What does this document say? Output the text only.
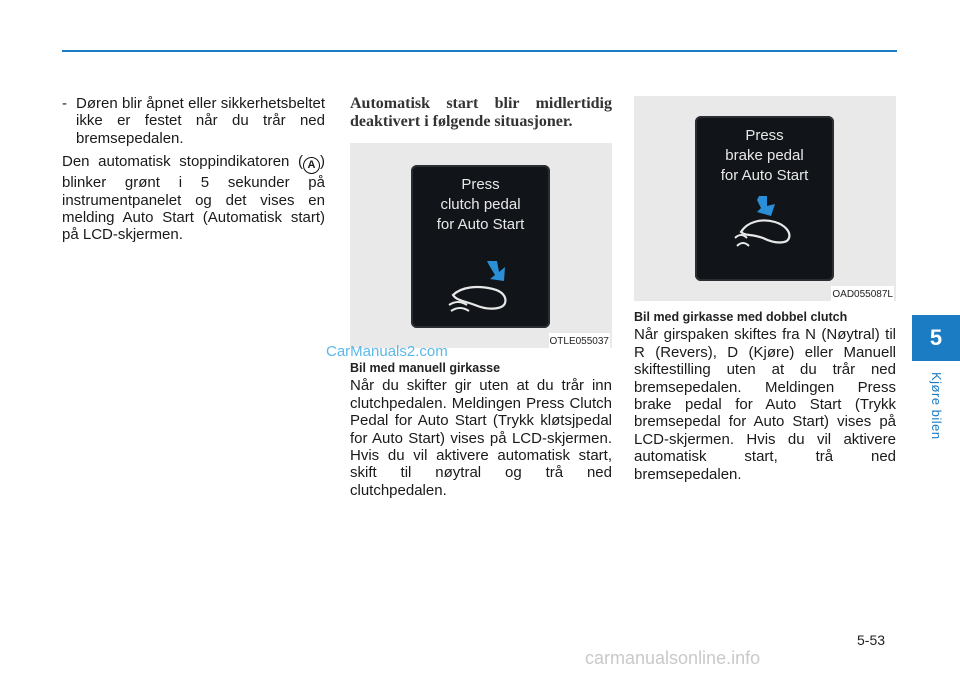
- Døren blir åpnet eller sikkerhetsbeltet ikke er festet når du trår ned bremsepedalen.

Den automatisk stoppindikatoren ( A ) blinker grønt i 5 sekunder på instrumentpanelet og det vises en melding Auto Start (Automatisk start) på LCD-skjermen.

Automatisk start blir midlertidig deaktivert i følgende situasjoner.

Press
clutch pedal
for Auto Start
OTLE055037

Bil med manuell girkasse

Når du skifter gir uten at du trår inn clutchpedalen. Meldingen Press Clutch Pedal for Auto Start (Trykk kløtsjpedal for Auto Start) vises på LCD-skjermen. Hvis du vil aktivere automatisk start, skift til nøytral og trå ned clutchpedalen.

Press
brake pedal
for Auto Start
OAD055087L

Bil med girkasse med dobbel clutch

Når girspaken skiftes fra N (Nøytral) til R (Revers), D (Kjøre) eller Manuell skiftestilling uten at du trår ned bremsepedalen. Meldingen Press brake pedal for Auto Start (Trykk bremsepedal for Auto Start) vises på LCD-skjermen. Hvis du vil aktivere automatisk start, trå ned bremsepedalen.

5
Kjøre bilen
5-53
CarManuals2.com
carmanualsonline.info
